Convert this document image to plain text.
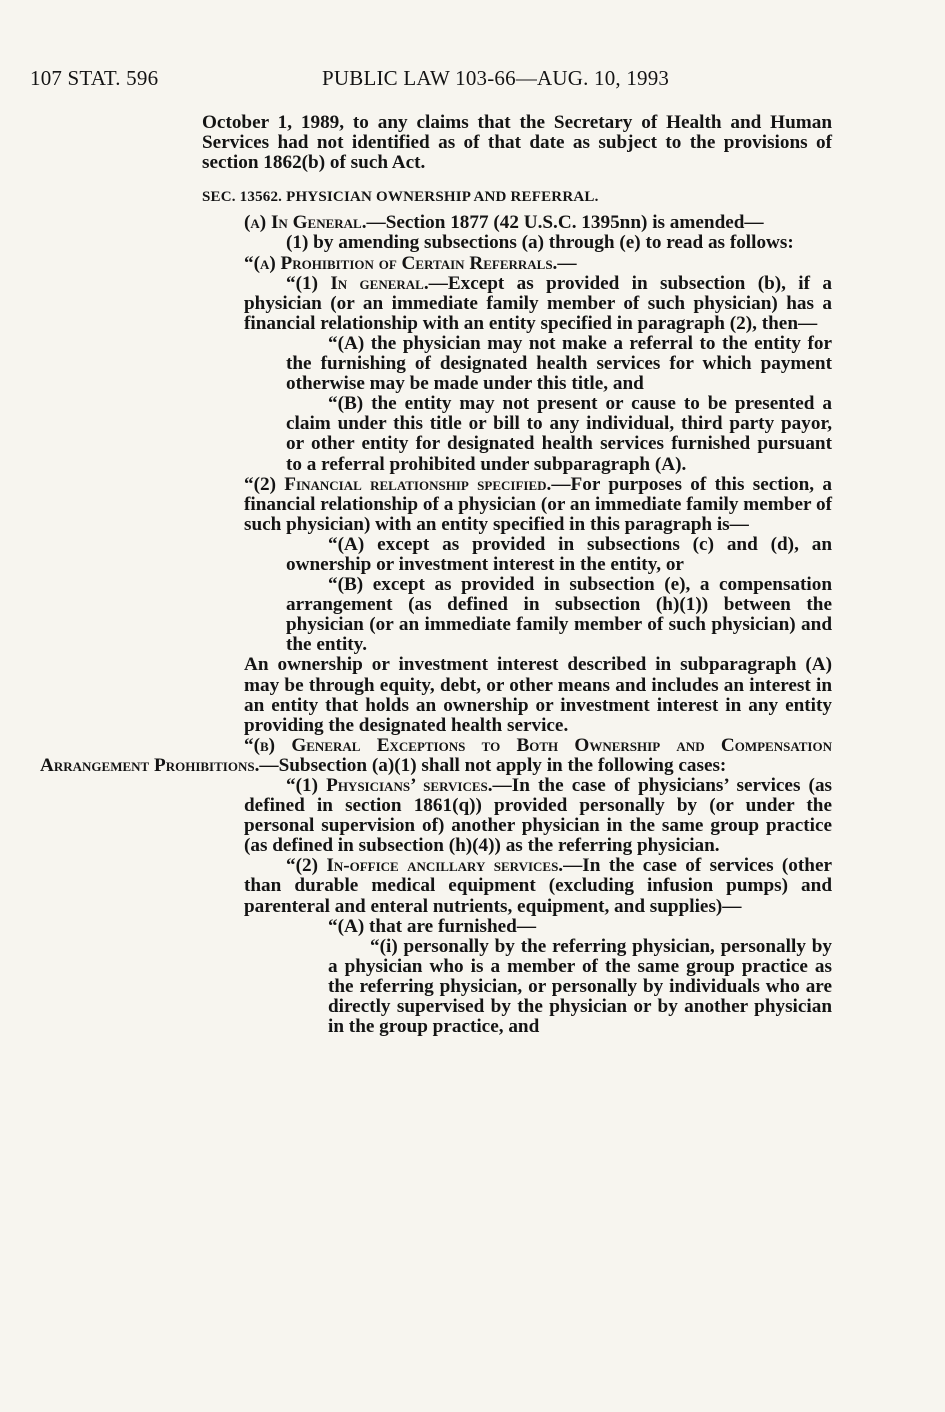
107 STAT. 596	PUBLIC LAW 103-66—AUG. 10, 1993

October 1, 1989, to any claims that the Secretary of Health and Human Services had not identified as of that date as subject to the provisions of section 1862(b) of such Act.

SEC. 13562. PHYSICIAN OWNERSHIP AND REFERRAL.

(a) In General.—Section 1877 (42 U.S.C. 1395nn) is amended—

(1) by amending subsections (a) through (e) to read as follows:

“(a) Prohibition of Certain Referrals.—

“(1) In general.—Except as provided in subsection (b), if a physician (or an immediate family member of such physician) has a financial relationship with an entity specified in paragraph (2), then—

“(A) the physician may not make a referral to the entity for the furnishing of designated health services for which payment otherwise may be made under this title, and

“(B) the entity may not present or cause to be presented a claim under this title or bill to any individual, third party payor, or other entity for designated health services furnished pursuant to a referral prohibited under subparagraph (A).

“(2) Financial relationship specified.—For purposes of this section, a financial relationship of a physician (or an immediate family member of such physician) with an entity specified in this paragraph is—

“(A) except as provided in subsections (c) and (d), an ownership or investment interest in the entity, or

“(B) except as provided in subsection (e), a compensation arrangement (as defined in subsection (h)(1)) between the physician (or an immediate family member of such physician) and the entity.

An ownership or investment interest described in subparagraph (A) may be through equity, debt, or other means and includes an interest in an entity that holds an ownership or investment interest in any entity providing the designated health service.

“(b) General Exceptions to Both Ownership and Compensation Arrangement Prohibitions.—Subsection (a)(1) shall not apply in the following cases:

“(1) Physicians’ services.—In the case of physicians’ services (as defined in section 1861(q)) provided personally by (or under the personal supervision of) another physician in the same group practice (as defined in subsection (h)(4)) as the referring physician.

“(2) In-office ancillary services.—In the case of services (other than durable medical equipment (excluding infusion pumps) and parenteral and enteral nutrients, equipment, and supplies)—

“(A) that are furnished—

“(i) personally by the referring physician, personally by a physician who is a member of the same group practice as the referring physician, or personally by individuals who are directly supervised by the physician or by another physician in the group practice, and
